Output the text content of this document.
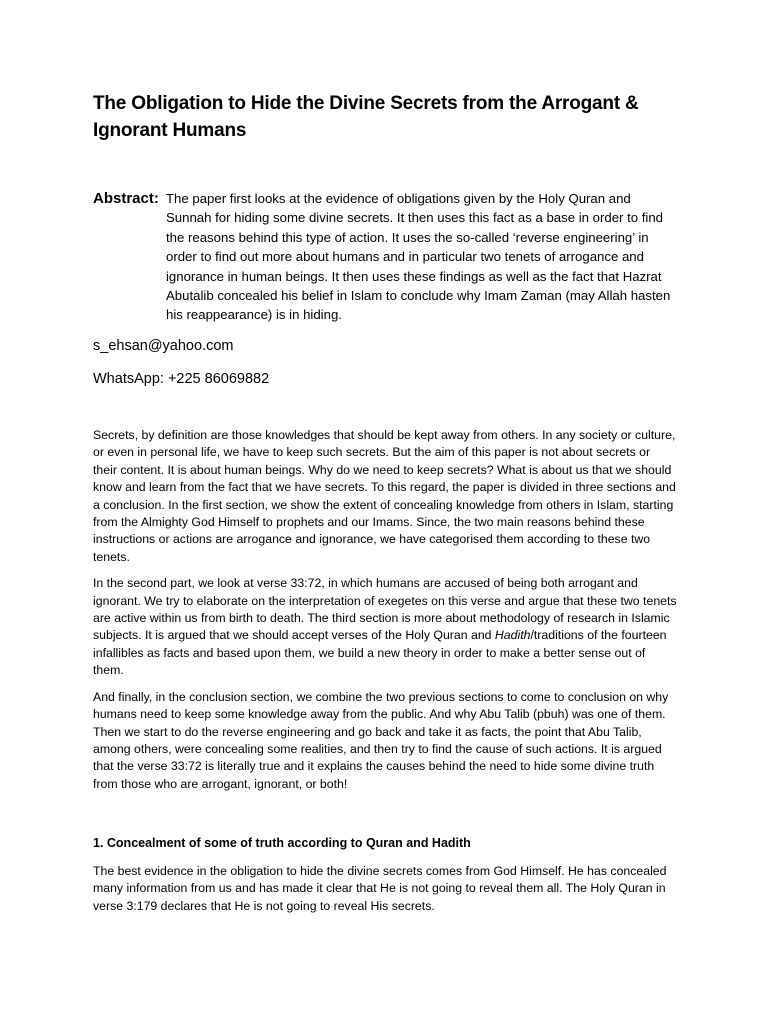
The Obligation to Hide the Divine Secrets from the Arrogant & Ignorant Humans
Abstract: The paper first looks at the evidence of obligations given by the Holy Quran and Sunnah for hiding some divine secrets. It then uses this fact as a base in order to find the reasons behind this type of action. It uses the so-called ‘reverse engineering’ in order to find out more about humans and in particular two tenets of arrogance and ignorance in human beings. It then uses these findings as well as the fact that Hazrat Abutalib concealed his belief in Islam to conclude why Imam Zaman (may Allah hasten his reappearance) is in hiding.
s_ehsan@yahoo.com
WhatsApp: +225 86069882

Secrets, by definition are those knowledges that should be kept away from others. In any society or culture, or even in personal life, we have to keep such secrets. But the aim of this paper is not about secrets or their content. It is about human beings. Why do we need to keep secrets? What is about us that we should know and learn from the fact that we have secrets. To this regard, the paper is divided in three sections and a conclusion. In the first section, we show the extent of concealing knowledge from others in Islam, starting from the Almighty God Himself to prophets and our Imams. Since, the two main reasons behind these instructions or actions are arrogance and ignorance, we have categorised them according to these two tenets.

In the second part, we look at verse 33:72, in which humans are accused of being both arrogant and ignorant. We try to elaborate on the interpretation of exegetes on this verse and argue that these two tenets are active within us from birth to death. The third section is more about methodology of research in Islamic subjects. It is argued that we should accept verses of the Holy Quran and Hadith/traditions of the fourteen infallibles as facts and based upon them, we build a new theory in order to make a better sense out of them.

And finally, in the conclusion section, we combine the two previous sections to come to conclusion on why humans need to keep some knowledge away from the public. And why Abu Talib (pbuh) was one of them. Then we start to do the reverse engineering and go back and take it as facts, the point that Abu Talib, among others, were concealing some realities, and then try to find the cause of such actions. It is argued that the verse 33:72 is literally true and it explains the causes behind the need to hide some divine truth from those who are arrogant, ignorant, or both!

1. Concealment of some of truth according to Quran and Hadith

The best evidence in the obligation to hide the divine secrets comes from God Himself. He has concealed many information from us and has made it clear that He is not going to reveal them all. The Holy Quran in verse 3:179 declares that He is not going to reveal His secrets.
